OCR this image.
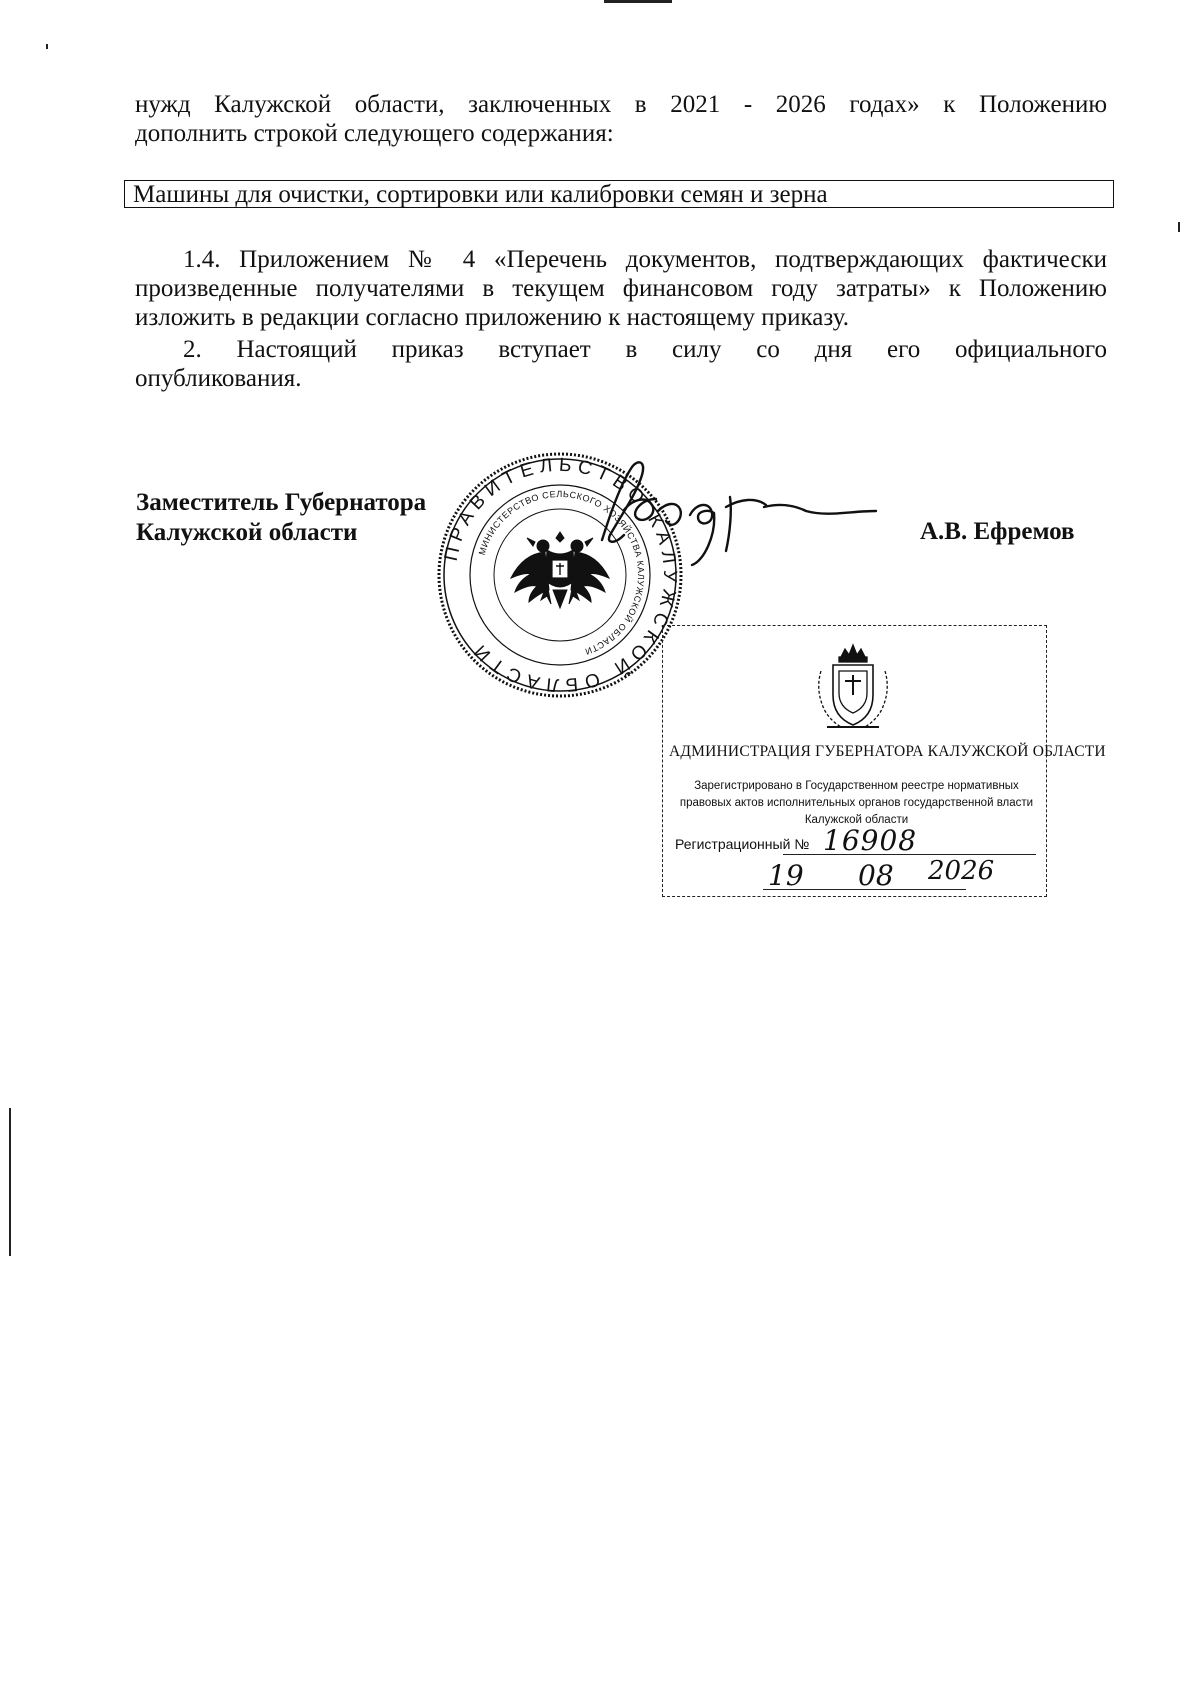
нужд Калужской области, заключенных в 2021 - 2026 годах» к Положению
дополнить строкой следующего содержания:
Машины для очистки, сортировки или калибровки семян и зерна
1.4. Приложением № 4 «Перечень документов, подтверждающих фактически
произведенные получателями в текущем финансовом году затраты» к Положению
изложить в редакции согласно приложению к настоящему приказу.
2. Настоящий приказ вступает в силу со дня его официального
опубликования.
Заместитель Губернатора
Калужской области	А.В. Ефремов
ПРАВИТЕЛЬСТВО КАЛУЖСКОЙ ОБЛАСТИ
МИНИСТЕРСТВО СЕЛЬСКОГО ХОЗЯЙСТВА КАЛУЖСКОЙ ОБЛАСТИ
АДМИНИСТРАЦИЯ ГУБЕРНАТОРА КАЛУЖСКОЙ ОБЛАСТИ
Зарегистрировано в Государственном реестре нормативных
правовых актов исполнительных органов государственной власти
Калужской области
Регистрационный № 16908
19 08 2026
